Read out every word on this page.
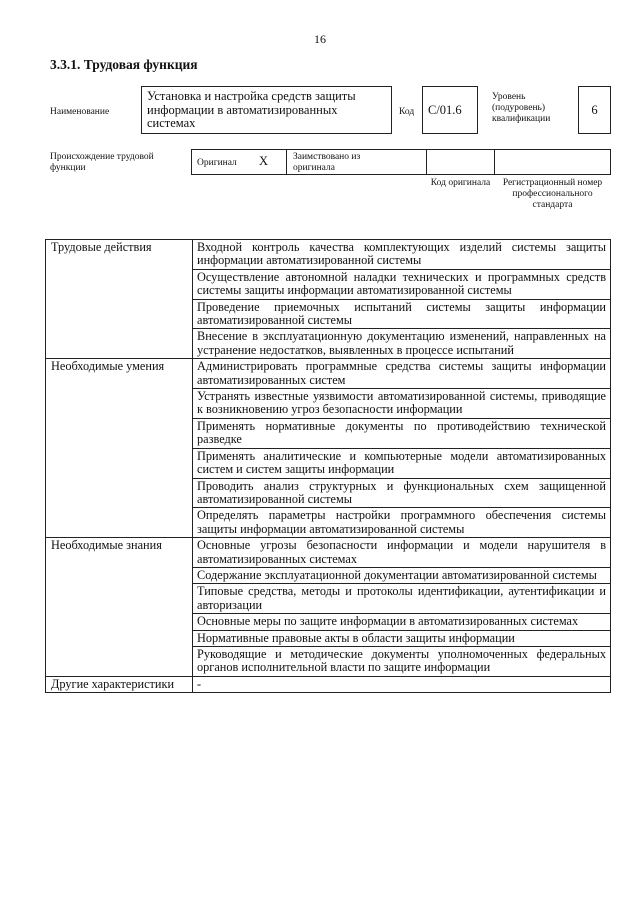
16
3.3.1. Трудовая функция
Наименование
Установка и настройка средств защиты информации в автоматизированных системах
Код C/01.6
Уровень (подуровень) квалификации
6
Происхождение трудовой функции	Оригинал X	Заимствовано из оригинала
Код оригинала	Регистрационный номер профессионального стандарта
Трудовые действия	Входной контроль качества комплектующих изделий системы защиты информации автоматизированной системы
	Осуществление автономной наладки технических и программных средств системы защиты информации автоматизированной системы
	Проведение приемочных испытаний системы защиты информации автоматизированной системы
	Внесение в эксплуатационную документацию изменений, направленных на устранение недостатков, выявленных в процессе испытаний
Необходимые умения	Администрировать программные средства системы защиты информации автоматизированных систем
	Устранять известные уязвимости автоматизированной системы, приводящие к возникновению угроз безопасности информации
	Применять нормативные документы по противодействию технической разведке
	Применять аналитические и компьютерные модели автоматизированных систем и систем защиты информации
	Проводить анализ структурных и функциональных схем защищенной автоматизированной системы
	Определять параметры настройки программного обеспечения системы защиты информации автоматизированной системы
Необходимые знания	Основные угрозы безопасности информации и модели нарушителя в автоматизированных системах
	Содержание эксплуатационной документации автоматизированной системы
	Типовые средства, методы и протоколы идентификации, аутентификации и авторизации
	Основные меры по защите информации в автоматизированных системах
	Нормативные правовые акты в области защиты информации
	Руководящие и методические документы уполномоченных федеральных органов исполнительной власти по защите информации
Другие характеристики	-
